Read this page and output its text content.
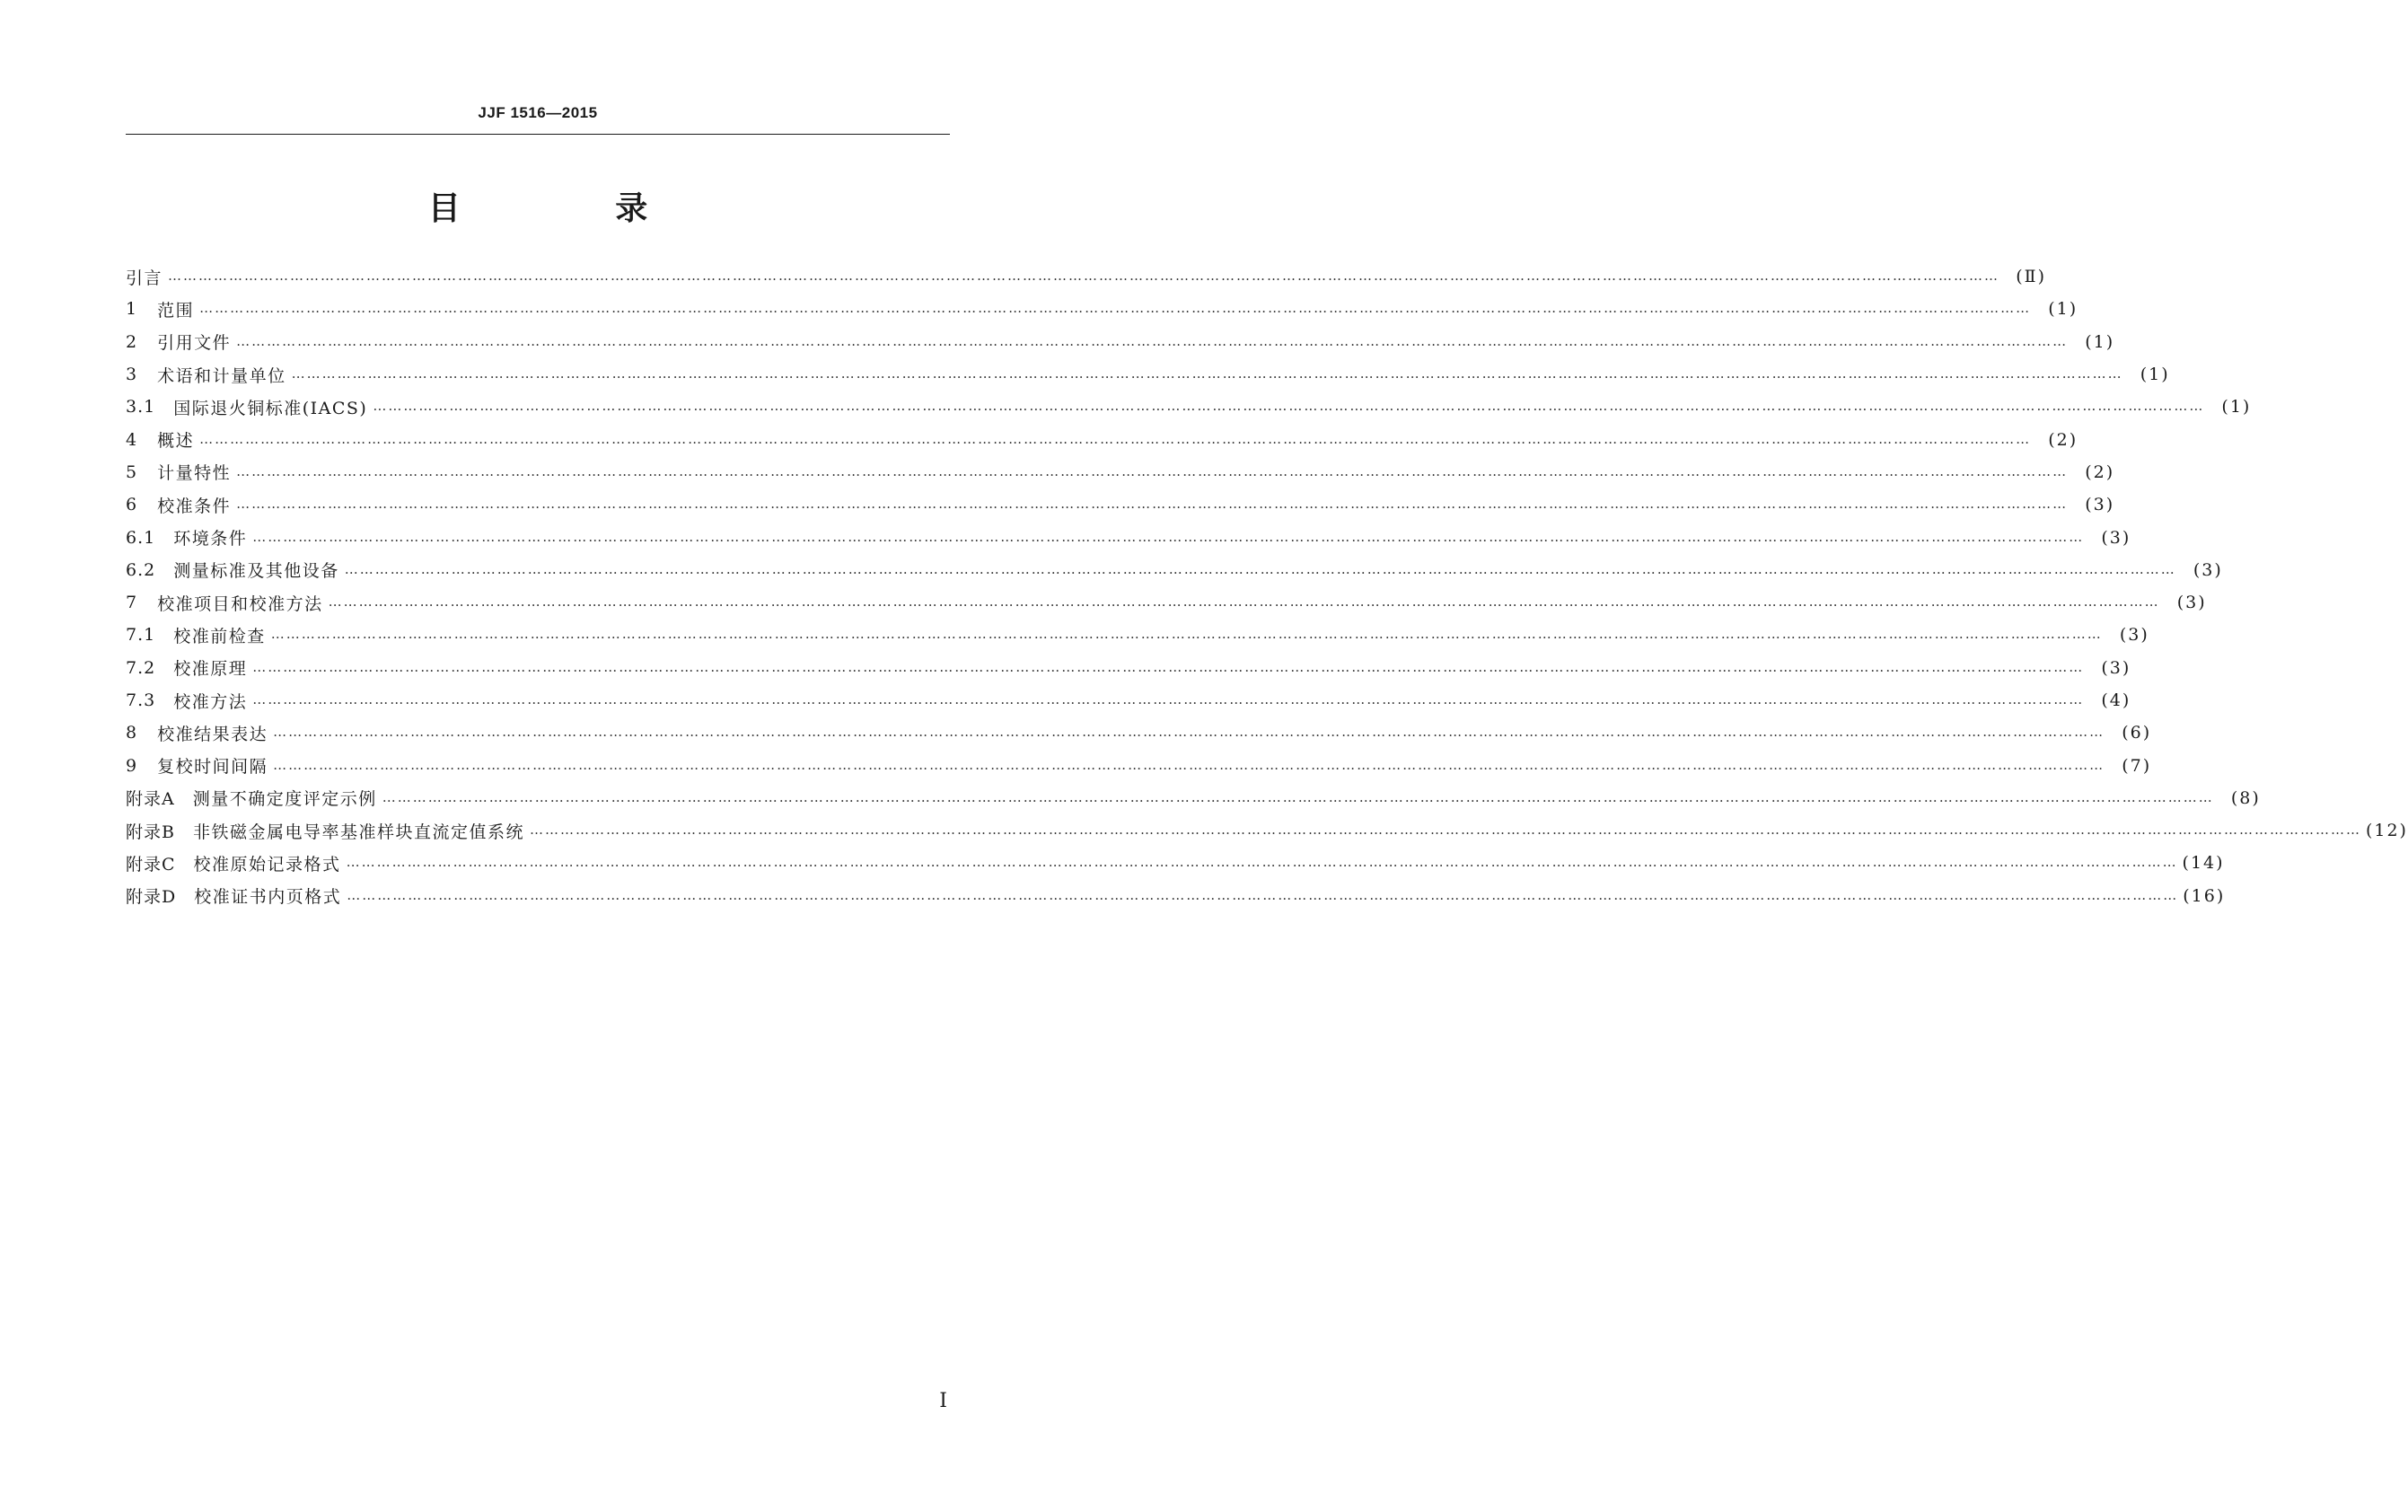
JJF 1516—2015
目 录
引言 ……………………………………………………………………………………………………………………………………………………………………………………………………………………………………………………………………………………………………………………………… (Ⅱ)
1 范围 ………………………………………………………………………………………………………………………………………………………………………………………………………………………………………………………………………………………………………………………………	(1)
2 引用文件 ………………………………………………………………………………………………………………………………………………………………………………………………………………………………………………………………………………………………………………………………	(1)
3 术语和计量单位 ………………………………………………………………………………………………………………………………………………………………………………………………………………………………………………………………………………………………………………………………	(1)
3.1 国际退火铜标准(IACS) ………………………………………………………………………………………………………………………………………………………………………………………………………………………………………………………………………………………………………………………………	(1)
4 概述 ………………………………………………………………………………………………………………………………………………………………………………………………………………………………………………………………………………………………………………………………	(2)
5 计量特性 ………………………………………………………………………………………………………………………………………………………………………………………………………………………………………………………………………………………………………………………………	(2)
6 校准条件 ………………………………………………………………………………………………………………………………………………………………………………………………………………………………………………………………………………………………………………………………	(3)
6.1 环境条件 ………………………………………………………………………………………………………………………………………………………………………………………………………………………………………………………………………………………………………………………………	(3)
6.2 测量标准及其他设备 ………………………………………………………………………………………………………………………………………………………………………………………………………………………………………………………………………………………………………………………………	(3)
7 校准项目和校准方法 ………………………………………………………………………………………………………………………………………………………………………………………………………………………………………………………………………………………………………………………………	(3)
7.1 校准前检查 ………………………………………………………………………………………………………………………………………………………………………………………………………………………………………………………………………………………………………………………………	(3)
7.2 校准原理 ………………………………………………………………………………………………………………………………………………………………………………………………………………………………………………………………………………………………………………………………	(3)
7.3 校准方法 ………………………………………………………………………………………………………………………………………………………………………………………………………………………………………………………………………………………………………………………………	(4)
8 校准结果表达 ………………………………………………………………………………………………………………………………………………………………………………………………………………………………………………………………………………………………………………………………	(6)
9 复校时间间隔 ………………………………………………………………………………………………………………………………………………………………………………………………………………………………………………………………………………………………………………………………	(7)
附录A 测量不确定度评定示例 ………………………………………………………………………………………………………………………………………………………………………………………………………………………………………………………………………………………………………………………………	(8)
附录B 非铁磁金属电导率基准样块直流定值系统 ……………………………………………………………………………………………………………………………………………………………………………………………………………………………………………………………………………………………………………………………… (12)
附录C 校准原始记录格式 ……………………………………………………………………………………………………………………………………………………………………………………………………………………………………………………………………………………………………………………………… (14)
附录D 校准证书内页格式 ……………………………………………………………………………………………………………………………………………………………………………………………………………………………………………………………………………………………………………………………… (16)
Ⅰ
